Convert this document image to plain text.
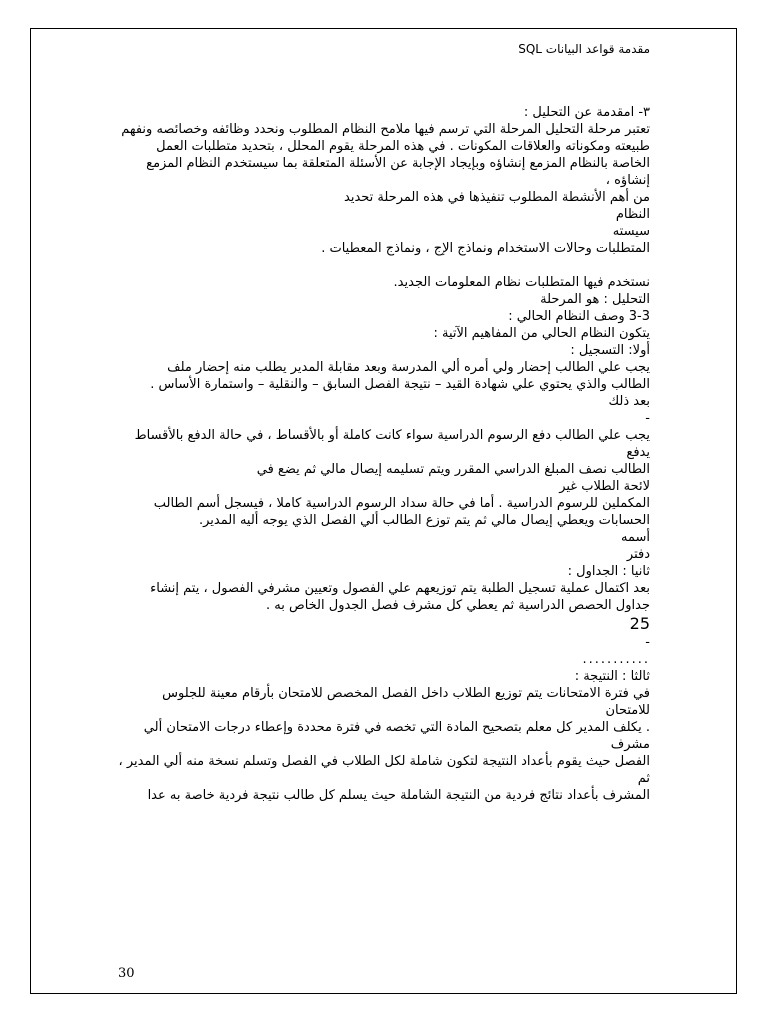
مقدمة قواعد البيانات SQL

٣- امقدمة عن التحليل :

تعتبر مرحلة التحليل المرحلة التي ترسم فيها ملامح النظام المطلوب ونحدد وظائفه وخصائصه ونفهم

طبيعته ومكوناته والعلاقات المكونات . في هذه المرحلة يقوم المحلل ، بتحديد متطلبات العمل

الخاصة بالنظام المزمع إنشاؤه وبإيجاد الإجابة عن الأسئلة المتعلقة بما سيستخدم النظام المزمع إنشاؤه ،

من أهم الأنشطة المطلوب تنفيذها في هذه المرحلة تحديد

النظام

سيسته

المتطلبات وحالات الاستخدام ونماذج الإج ، ونماذج المعطيات .

نستخدم فيها المتطلبات نظام المعلومات الجديد.

التحليل : هو المرحلة

3-3 وصف النظام الحالي :

يتكون النظام الحالي من المفاهيم الآتية :

أولا: التسجيل :

يجب علي الطالب إحضار ولي أمره ألي المدرسة وبعد مقابلة المدير يطلب منه إحضار ملف

الطالب والذي يحتوي علي شهادة القيد – نتيجة الفصل السابق – والنقلية – واستمارة الأساس .

بعد ذلك

-

يجب علي الطالب دفع الرسوم الدراسية سواء كانت كاملة أو بالأقساط ، في حالة الدفع بالأقساط يدفع

الطالب نصف المبلغ الدراسي المقرر ويتم تسليمه إيصال مالي ثم يضع في

لائحة الطلاب غير

المكملين للرسوم الدراسية . أما في حالة سداد الرسوم الدراسية كاملا ، فيسجل أسم الطالب

الحسابات ويعطي إيصال مالي ثم يتم توزع الطالب ألي الفصل الذي يوجه أليه المدير.

أسمه

دفتر

ثانيا : الجداول :

بعد اكتمال عملية تسجيل الطلبة يتم توزيعهم علي الفصول وتعيين مشرفي الفصول ، يتم إنشاء

جداول الحصص الدراسية ثم يعطي كل مشرف فصل الجدول الخاص به .

25

-

...........

ثالثا : النتيجة :

في فترة الامتحانات يتم توزيع الطلاب داخل الفصل المخصص للامتحان بأرقام معينة للجلوس للامتحان

. يكلف المدير كل معلم بتصحيح المادة التي تخصه في فترة محددة وإعطاء درجات الامتحان ألي مشرف

الفصل حيث يقوم بأعداد النتيجة لتكون شاملة لكل الطلاب في الفصل وتسلم نسخة منه ألي المدير ، ثم

المشرف بأعداد نتائج فردية من النتيجة الشاملة حيث يسلم كل طالب نتيجة فردية خاصة به عدا

30
